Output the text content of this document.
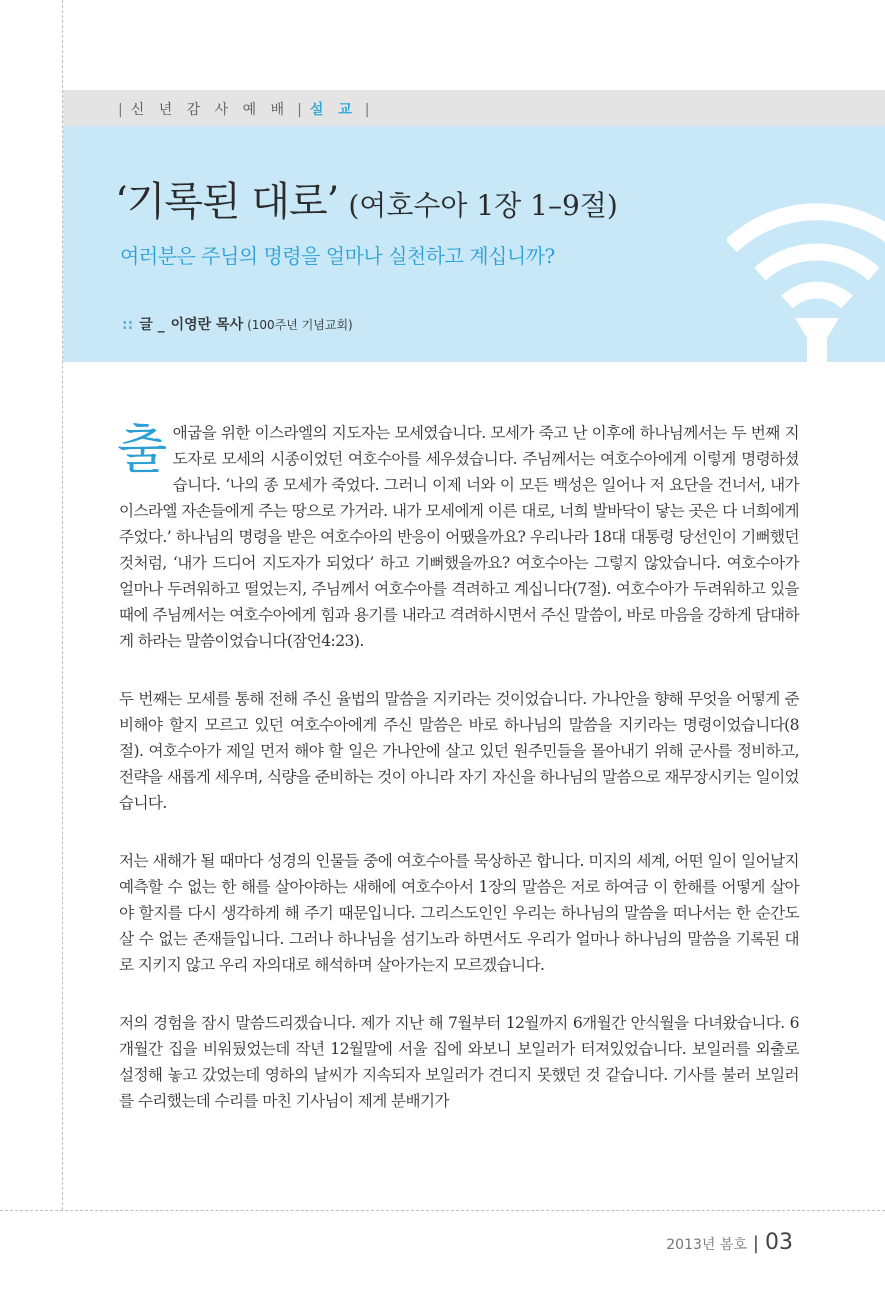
| 신 년 감 사 예 배 | 설 교 |
‘기록된 대로’ (여호수아 1장 1–9절)
여러분은 주님의 명령을 얼마나 실천하고 계십니까?
:: 글 _ 이영란 목사 (100주년 기념교회)

출애굽을 위한 이스라엘의 지도자는 모세였습니다. 모세가 죽고 난 이후에 하나님께서는 두 번째 지도자로 모세의 시종이었던 여호수아를 세우셨습니다. 주님께서는 여호수아에게 이렇게 명령하셨습니다. ‘나의 종 모세가 죽었다. 그러니 이제 너와 이 모든 백성은 일어나 저 요단을 건너서, 내가 이스라엘 자손들에게 주는 땅으로 가거라. 내가 모세에게 이른 대로, 너희 발바닥이 닿는 곳은 다 너희에게 주었다.’ 하나님의 명령을 받은 여호수아의 반응이 어땠을까요? 우리나라 18대 대통령 당선인이 기뻐했던 것처럼, ‘내가 드디어 지도자가 되었다’ 하고 기뻐했을까요? 여호수아는 그렇지 않았습니다. 여호수아가 얼마나 두려워하고 떨었는지, 주님께서 여호수아를 격려하고 계십니다(7절). 여호수아가 두려워하고 있을 때에 주님께서는 여호수아에게 힘과 용기를 내라고 격려하시면서 주신 말씀이, 바로 마음을 강하게 담대하게 하라는 말씀이었습니다(잠언4:23).

두 번째는 모세를 통해 전해 주신 율법의 말씀을 지키라는 것이었습니다. 가나안을 향해 무엇을 어떻게 준비해야 할지 모르고 있던 여호수아에게 주신 말씀은 바로 하나님의 말씀을 지키라는 명령이었습니다(8절). 여호수아가 제일 먼저 해야 할 일은 가나안에 살고 있던 원주민들을 몰아내기 위해 군사를 정비하고, 전략을 새롭게 세우며, 식량을 준비하는 것이 아니라 자기 자신을 하나님의 말씀으로 재무장시키는 일이었습니다.

저는 새해가 될 때마다 성경의 인물들 중에 여호수아를 묵상하곤 합니다. 미지의 세계, 어떤 일이 일어날지 예측할 수 없는 한 해를 살아야하는 새해에 여호수아서 1장의 말씀은 저로 하여금 이 한해를 어떻게 살아야 할지를 다시 생각하게 해 주기 때문입니다. 그리스도인인 우리는 하나님의 말씀을 떠나서는 한 순간도 살 수 없는 존재들입니다. 그러나 하나님을 섬기노라 하면서도 우리가 얼마나 하나님의 말씀을 기록된 대로 지키지 않고 우리 자의대로 해석하며 살아가는지 모르겠습니다.

저의 경험을 잠시 말씀드리겠습니다. 제가 지난 해 7월부터 12월까지 6개월간 안식월을 다녀왔습니다. 6개월간 집을 비워뒀었는데 작년 12월말에 서울 집에 와보니 보일러가 터져있었습니다. 보일러를 외출로 설정해 놓고 갔었는데 영하의 날씨가 지속되자 보일러가 견디지 못했던 것 같습니다. 기사를 불러 보일러를 수리했는데 수리를 마친 기사님이 제게 분배기가

2013년 봄호 | 03
